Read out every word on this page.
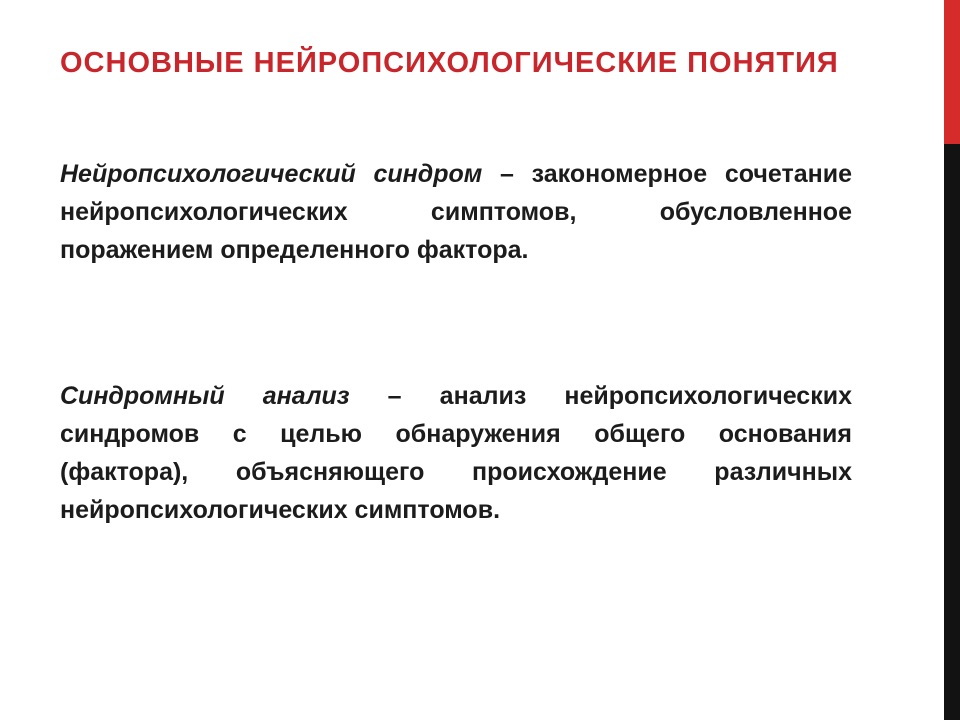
ОСНОВНЫЕ НЕЙРОПСИХОЛОГИЧЕСКИЕ ПОНЯТИЯ

Нейропсихологический синдром – закономерное сочетание нейропсихологических симптомов, обусловленное поражением определенного фактора.

Синдромный анализ – анализ нейропсихологических синдромов с целью обнаружения общего основания (фактора), объясняющего происхождение различных нейропсихологических симптомов.
